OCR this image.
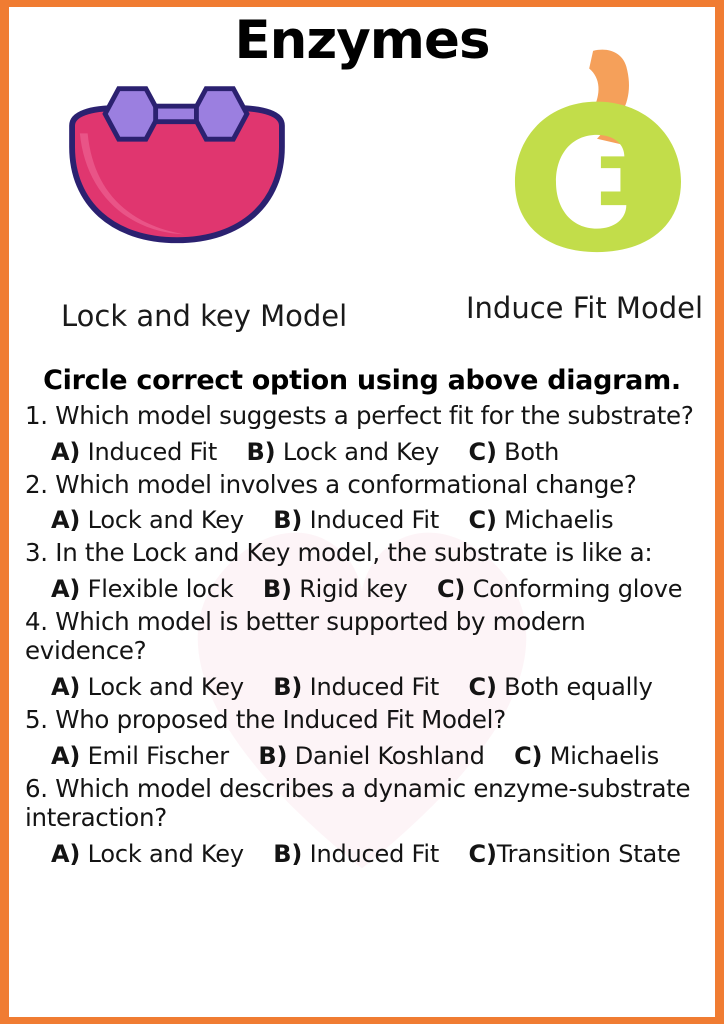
Enzymes
Lock and key Model	Induce Fit Model
Circle correct option using above diagram.
1. Which model suggests a perfect fit for the substrate?
A) Induced Fit B) Lock and Key C) Both
2. Which model involves a conformational change?
A) Lock and Key B) Induced Fit C) Michaelis
3. In the Lock and Key model, the substrate is like a:
A) Flexible lock B) Rigid key C) Conforming glove
4. Which model is better supported by modern evidence?
A) Lock and Key B) Induced Fit C) Both equally
5. Who proposed the Induced Fit Model?
A) Emil Fischer B) Daniel Koshland C) Michaelis
6. Which model describes a dynamic enzyme-substrate interaction?
A) Lock and Key B) Induced Fit C)Transition State
